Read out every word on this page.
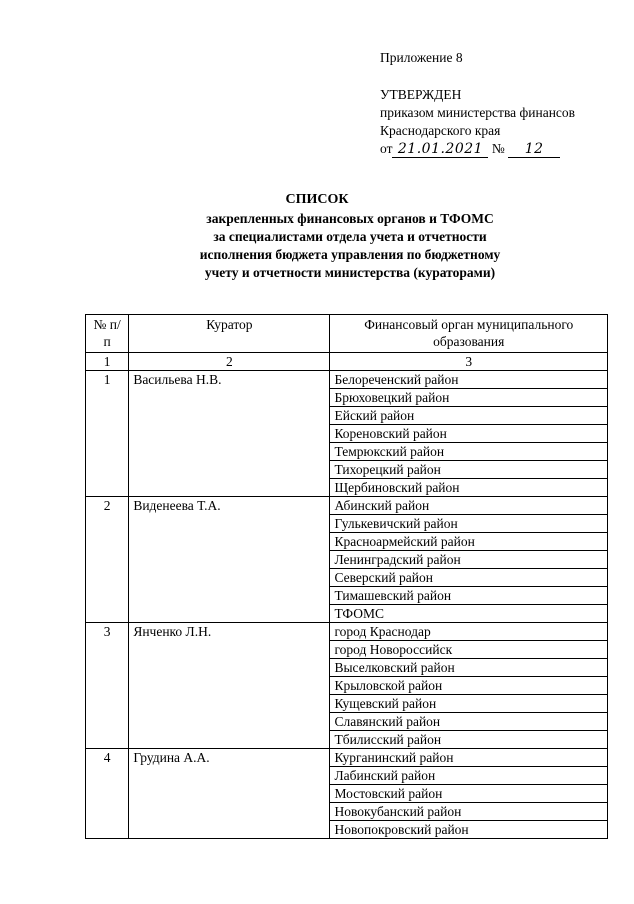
Приложение 8
УТВЕРЖДЕН
приказом министерства финансов
Краснодарского края
от 21.01.2021 № 12
СПИСОК
закрепленных финансовых органов и ТФОМС
за специалистами отдела учета и отчетности
исполнения бюджета управления по бюджетному
учету и отчетности министерства (кураторами)
№ п/п	Куратор	Финансовый орган муниципального образования
1	2	3
1	Васильева Н.В.	Белореченский район
		Брюховецкий район
		Ейский район
		Кореновский район
		Темрюкский район
		Тихорецкий район
		Щербиновский район
2	Виденеева Т.А.	Абинский район
		Гулькевичский район
		Красноармейский район
		Ленинградский район
		Северский район
		Тимашевский район
		ТФОМС
3	Янченко Л.Н.	город Краснодар
		город Новороссийск
		Выселковский район
		Крыловской район
		Кущевский район
		Славянский район
		Тбилисский район
4	Грудина А.А.	Курганинский район
		Лабинский район
		Мостовский район
		Новокубанский район
		Новопокровский район
